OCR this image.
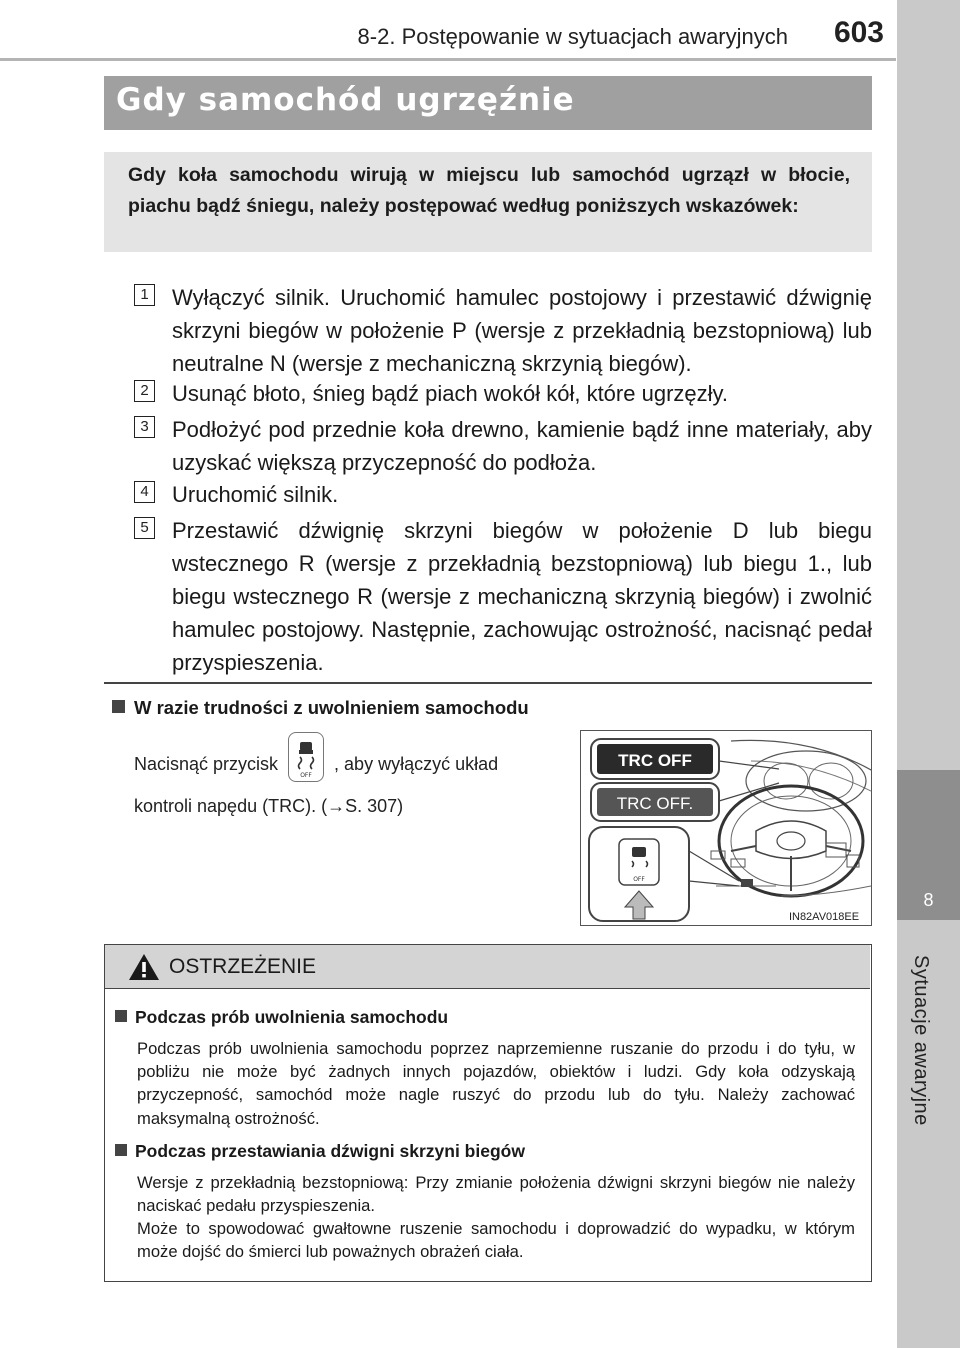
8-2. Postępowanie w sytuacjach awaryjnych 603
8
Sytuacje awaryjne
Gdy samochód ugrzęźnie

Gdy koła samochodu wirują w miejscu lub samochód ugrzązł w błocie, piachu bądź śniegu, należy postępować według poniższych wskazówek:

1 Wyłączyć silnik. Uruchomić hamulec postojowy i przestawić dźwignię skrzyni biegów w położenie P (wersje z przekładnią bezstopniową) lub neutralne N (wersje z mechaniczną skrzynią biegów).
2 Usunąć błoto, śnieg bądź piach wokół kół, które ugrzęzły.
3 Podłożyć pod przednie koła drewno, kamienie bądź inne materiały, aby uzyskać większą przyczepność do podłoża.
4 Uruchomić silnik.
5 Przestawić dźwignię skrzyni biegów w położenie D lub biegu wstecznego R (wersje z przekładnią bezstopniową) lub biegu 1., lub biegu wstecznego R (wersje z mechaniczną skrzynią biegów) i zwolnić hamulec postojowy. Następnie, zachowując ostrożność, nacisnąć pedał przyspieszenia.
W razie trudności z uwolnieniem samochodu
Nacisnąć przycisk
OFF
, aby wyłączyć układ
kontroli napędu (TRC). (→S. 307)
TRC OFF
TRC OFF.
OFF
IN82AV018EE
OSTRZEŻENIE
Podczas prób uwolnienia samochodu
Podczas prób uwolnienia samochodu poprzez naprzemienne ruszanie do przodu i do tyłu, w pobliżu nie może być żadnych innych pojazdów, obiektów i ludzi. Gdy koła odzyskają przyczepność, samochód może nagle ruszyć do przodu lub do tyłu. Należy zachować maksymalną ostrożność.
Podczas przestawiania dźwigni skrzyni biegów
Wersje z przekładnią bezstopniową: Przy zmianie położenia dźwigni skrzyni biegów nie należy naciskać pedału przyspieszenia.
Może to spowodować gwałtowne ruszenie samochodu i doprowadzić do wypadku, w którym może dojść do śmierci lub poważnych obrażeń ciała.
